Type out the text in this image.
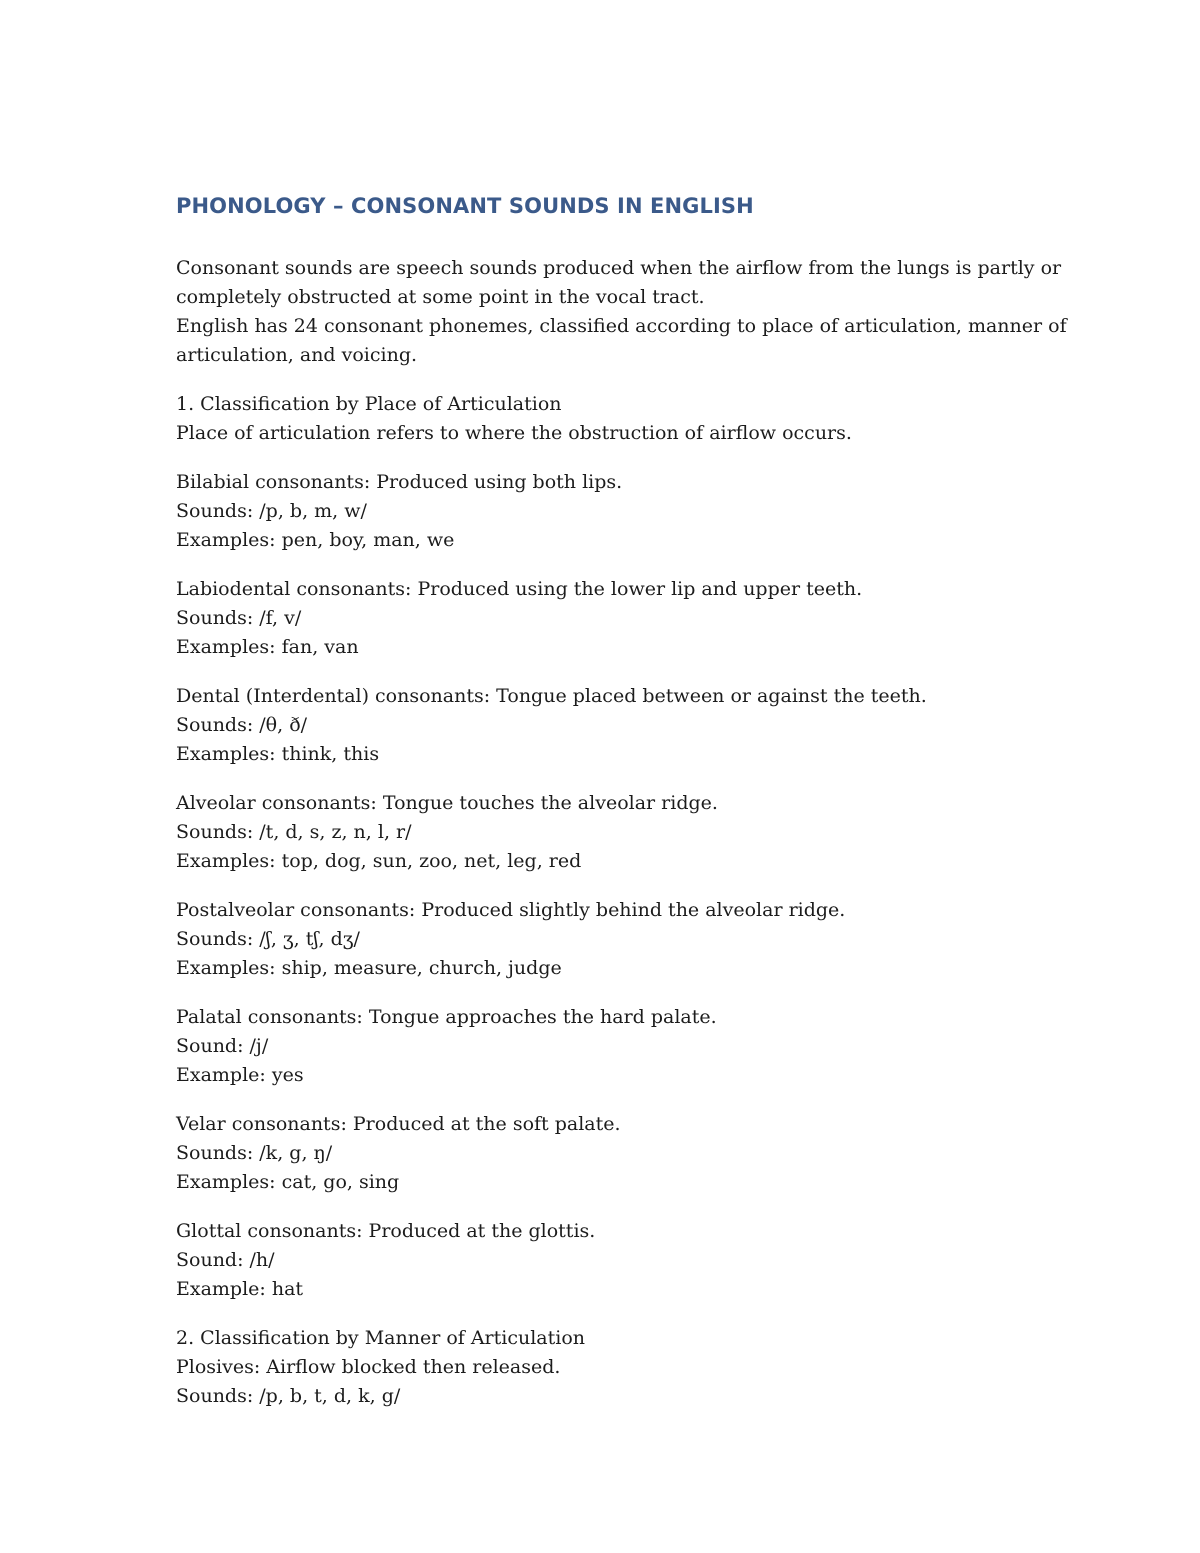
PHONOLOGY – CONSONANT SOUNDS IN ENGLISH
Consonant sounds are speech sounds produced when the airflow from the lungs is partly or
completely obstructed at some point in the vocal tract.
English has 24 consonant phonemes, classified according to place of articulation, manner of
articulation, and voicing.
1. Classification by Place of Articulation
Place of articulation refers to where the obstruction of airflow occurs.
Bilabial consonants: Produced using both lips.
Sounds: /p, b, m, w/
Examples: pen, boy, man, we
Labiodental consonants: Produced using the lower lip and upper teeth.
Sounds: /f, v/
Examples: fan, van
Dental (Interdental) consonants: Tongue placed between or against the teeth.
Sounds: /θ, ð/
Examples: think, this
Alveolar consonants: Tongue touches the alveolar ridge.
Sounds: /t, d, s, z, n, l, r/
Examples: top, dog, sun, zoo, net, leg, red
Postalveolar consonants: Produced slightly behind the alveolar ridge.
Sounds: /ʃ, ʒ, tʃ, dʒ/
Examples: ship, measure, church, judge
Palatal consonants: Tongue approaches the hard palate.
Sound: /j/
Example: yes
Velar consonants: Produced at the soft palate.
Sounds: /k, g, ŋ/
Examples: cat, go, sing
Glottal consonants: Produced at the glottis.
Sound: /h/
Example: hat
2. Classification by Manner of Articulation
Plosives: Airflow blocked then released.
Sounds: /p, b, t, d, k, g/
